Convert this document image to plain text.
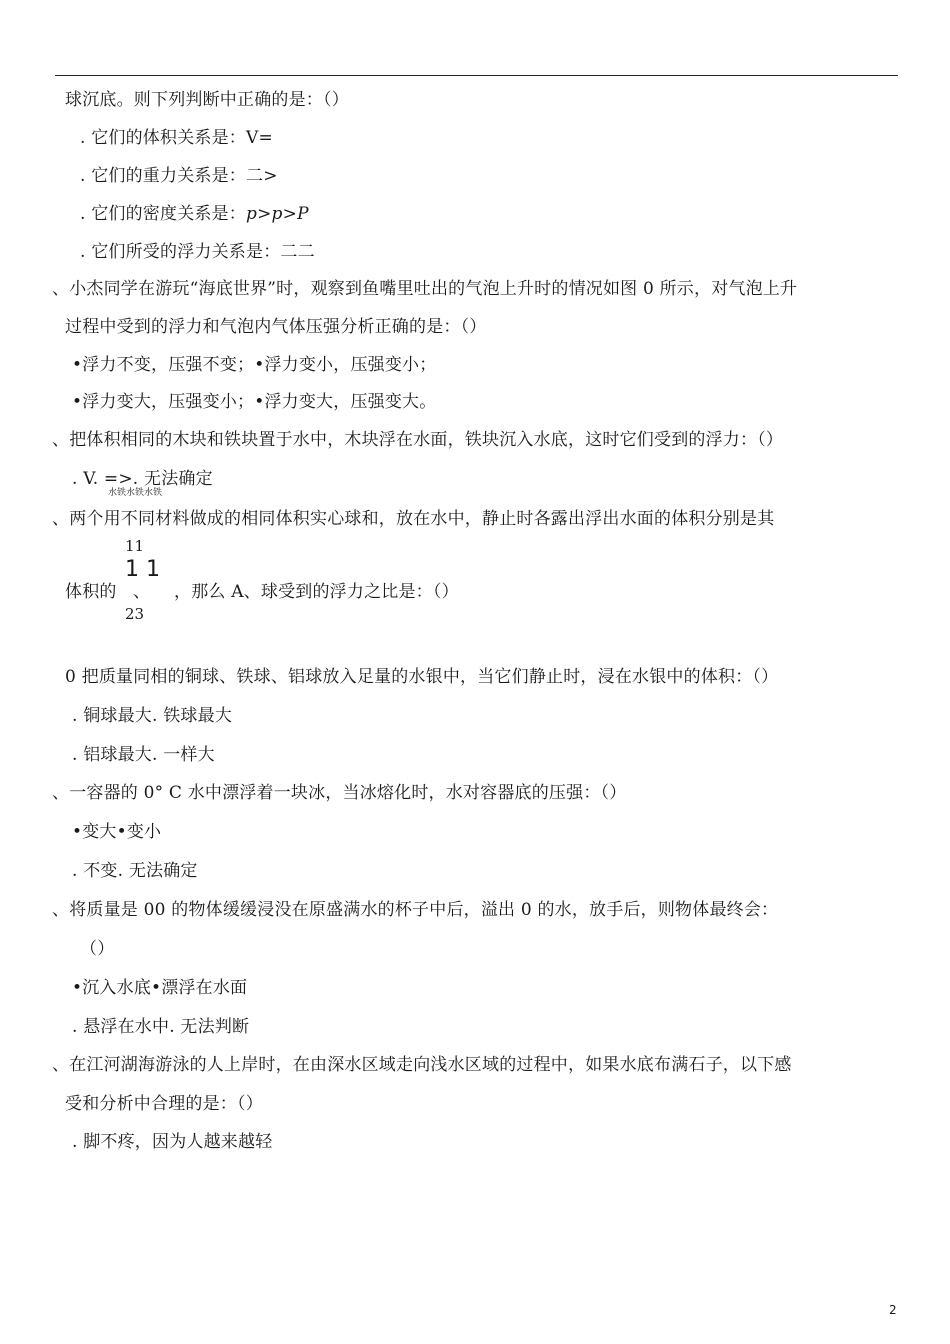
球沉底。则下列判断中正确的是：（）
. 它们的体积关系是：V=
. 它们的重力关系是：二>
. 它们的密度关系是：p>p>P
. 它们所受的浮力关系是：二二
、小杰同学在游玩“海底世界”时，观察到鱼嘴里吐出的气泡上升时的情况如图 0 所示，对气泡上升
过程中受到的浮力和气泡内气体压强分析正确的是：（）
•浮力不变，压强不变；•浮力变小，压强变小；
•浮力变大，压强变小；•浮力变大，压强变大。
、把体积相同的木块和铁块置于水中，木块浮在水面，铁块沉入水底，这时它们受到的浮力：（）
. V. =>. 无法确定
水铁水铁水铁
、两个用不同材料做成的相同体积实心球和，放在水中，静止时各露出浮出水面的体积分别是其
11
1 1
体积的 、 ，那么 A、球受到的浮力之比是：（）
23
0 把质量同相的铜球、铁球、铝球放入足量的水银中，当它们静止时，浸在水银中的体积：（）
. 铜球最大. 铁球最大
. 铝球最大. 一样大
、一容器的 0° C 水中漂浮着一块冰，当冰熔化时，水对容器底的压强：（）
•变大•变小
. 不变. 无法确定
、将质量是 00 的物体缓缓浸没在原盛满水的杯子中后，溢出 0 的水，放手后，则物体最终会：
（）
•沉入水底•漂浮在水面
. 悬浮在水中. 无法判断
、在江河湖海游泳的人上岸时，在由深水区域走向浅水区域的过程中，如果水底布满石子，以下感
受和分析中合理的是：（）
. 脚不疼，因为人越来越轻
2
